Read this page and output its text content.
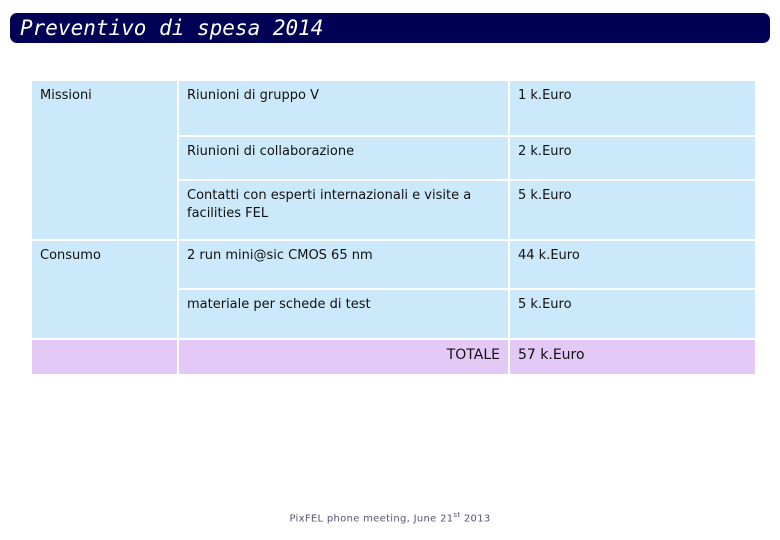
Preventivo di spesa 2014
Missioni	Riunioni di gruppo V	1 k.Euro
	Riunioni di collaborazione	2 k.Euro
	Contatti con esperti internazionali e visite a facilities FEL	5 k.Euro
Consumo	2 run mini@sic CMOS 65 nm	44 k.Euro
	materiale per schede di test	5 k.Euro
	TOTALE	57 k.Euro
PixFEL phone meeting, June 21st 2013
